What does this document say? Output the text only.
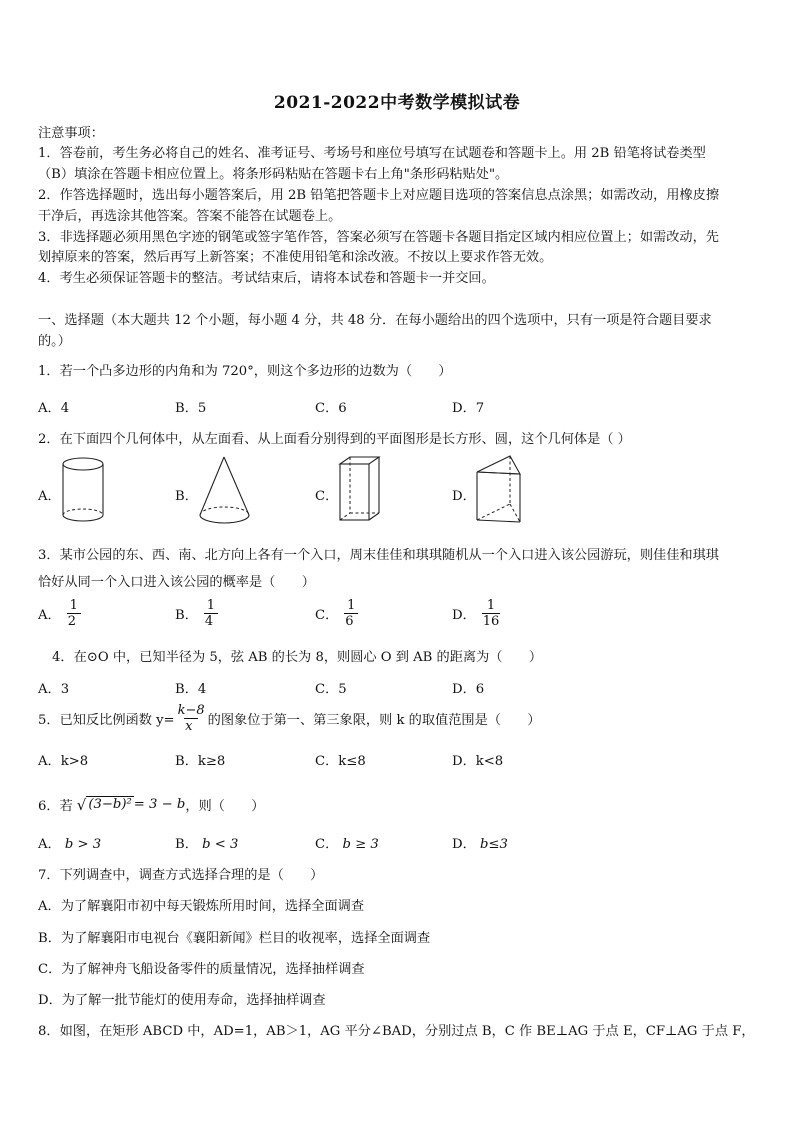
2021-2022中考数学模拟试卷
注意事项：
1．答卷前，考生务必将自己的姓名、准考证号、考场号和座位号填写在试题卷和答题卡上。用 2B 铅笔将试卷类型
（B）填涂在答题卡相应位置上。将条形码粘贴在答题卡右上角"条形码粘贴处"。
2．作答选择题时，选出每小题答案后，用 2B 铅笔把答题卡上对应题目选项的答案信息点涂黑；如需改动，用橡皮擦
干净后，再选涂其他答案。答案不能答在试题卷上。
3．非选择题必须用黑色字迹的钢笔或签字笔作答，答案必须写在答题卡各题目指定区域内相应位置上；如需改动，先
划掉原来的答案，然后再写上新答案；不准使用铅笔和涂改液。不按以上要求作答无效。
4．考生必须保证答题卡的整洁。考试结束后，请将本试卷和答题卡一并交回。
一、选择题（本大题共 12 个小题，每小题 4 分，共 48 分．在每小题给出的四个选项中，只有一项是符合题目要求
的。）
1．若一个凸多边形的内角和为 720°，则这个多边形的边数为（　　）
A．4	B．5	C．6	D．7
2．在下面四个几何体中，从左面看、从上面看分别得到的平面图形是长方形、圆，这个几何体是（ ）
A．	B．	C．	D．
3．某市公园的东、西、南、北方向上各有一个入口，周末佳佳和琪琪随机从一个入口进入该公园游玩，则佳佳和琪琪
恰好从同一个入口进入该公园的概率是（　　）
A． $\frac{1}{2}$	B． $\frac{1}{4}$	C． $\frac{1}{6}$	D． $\frac{1}{16}$
4．在⊙O 中，已知半径为 5，弦 AB 的长为 8，则圆心 O 到 AB 的距离为（　　）
A．3	B．4	C．5	D．6
5．已知反比例函数 $y= \frac{k-8}{x}$ 的图象位于第一、第三象限，则 k 的取值范围是（　　）
A．k>8	B．k≥8	C．k≤8	D．k<8
6．若 √ (3−b)² = 3 − b ，则（　　）
A． b > 3	B． b < 3	C． b ≥ 3	D． b≤3
7．下列调查中，调查方式选择合理的是（　　）
A．为了解襄阳市初中每天锻炼所用时间，选择全面调查
B．为了解襄阳市电视台《襄阳新闻》栏目的收视率，选择全面调查
C．为了解神舟飞船设备零件的质量情况，选择抽样调查
D．为了解一批节能灯的使用寿命，选择抽样调查
8．如图，在矩形 ABCD 中，AD=1，AB＞1，AG 平分∠BAD，分别过点 B，C 作 BE⊥AG 于点 E，CF⊥AG 于点 F，
